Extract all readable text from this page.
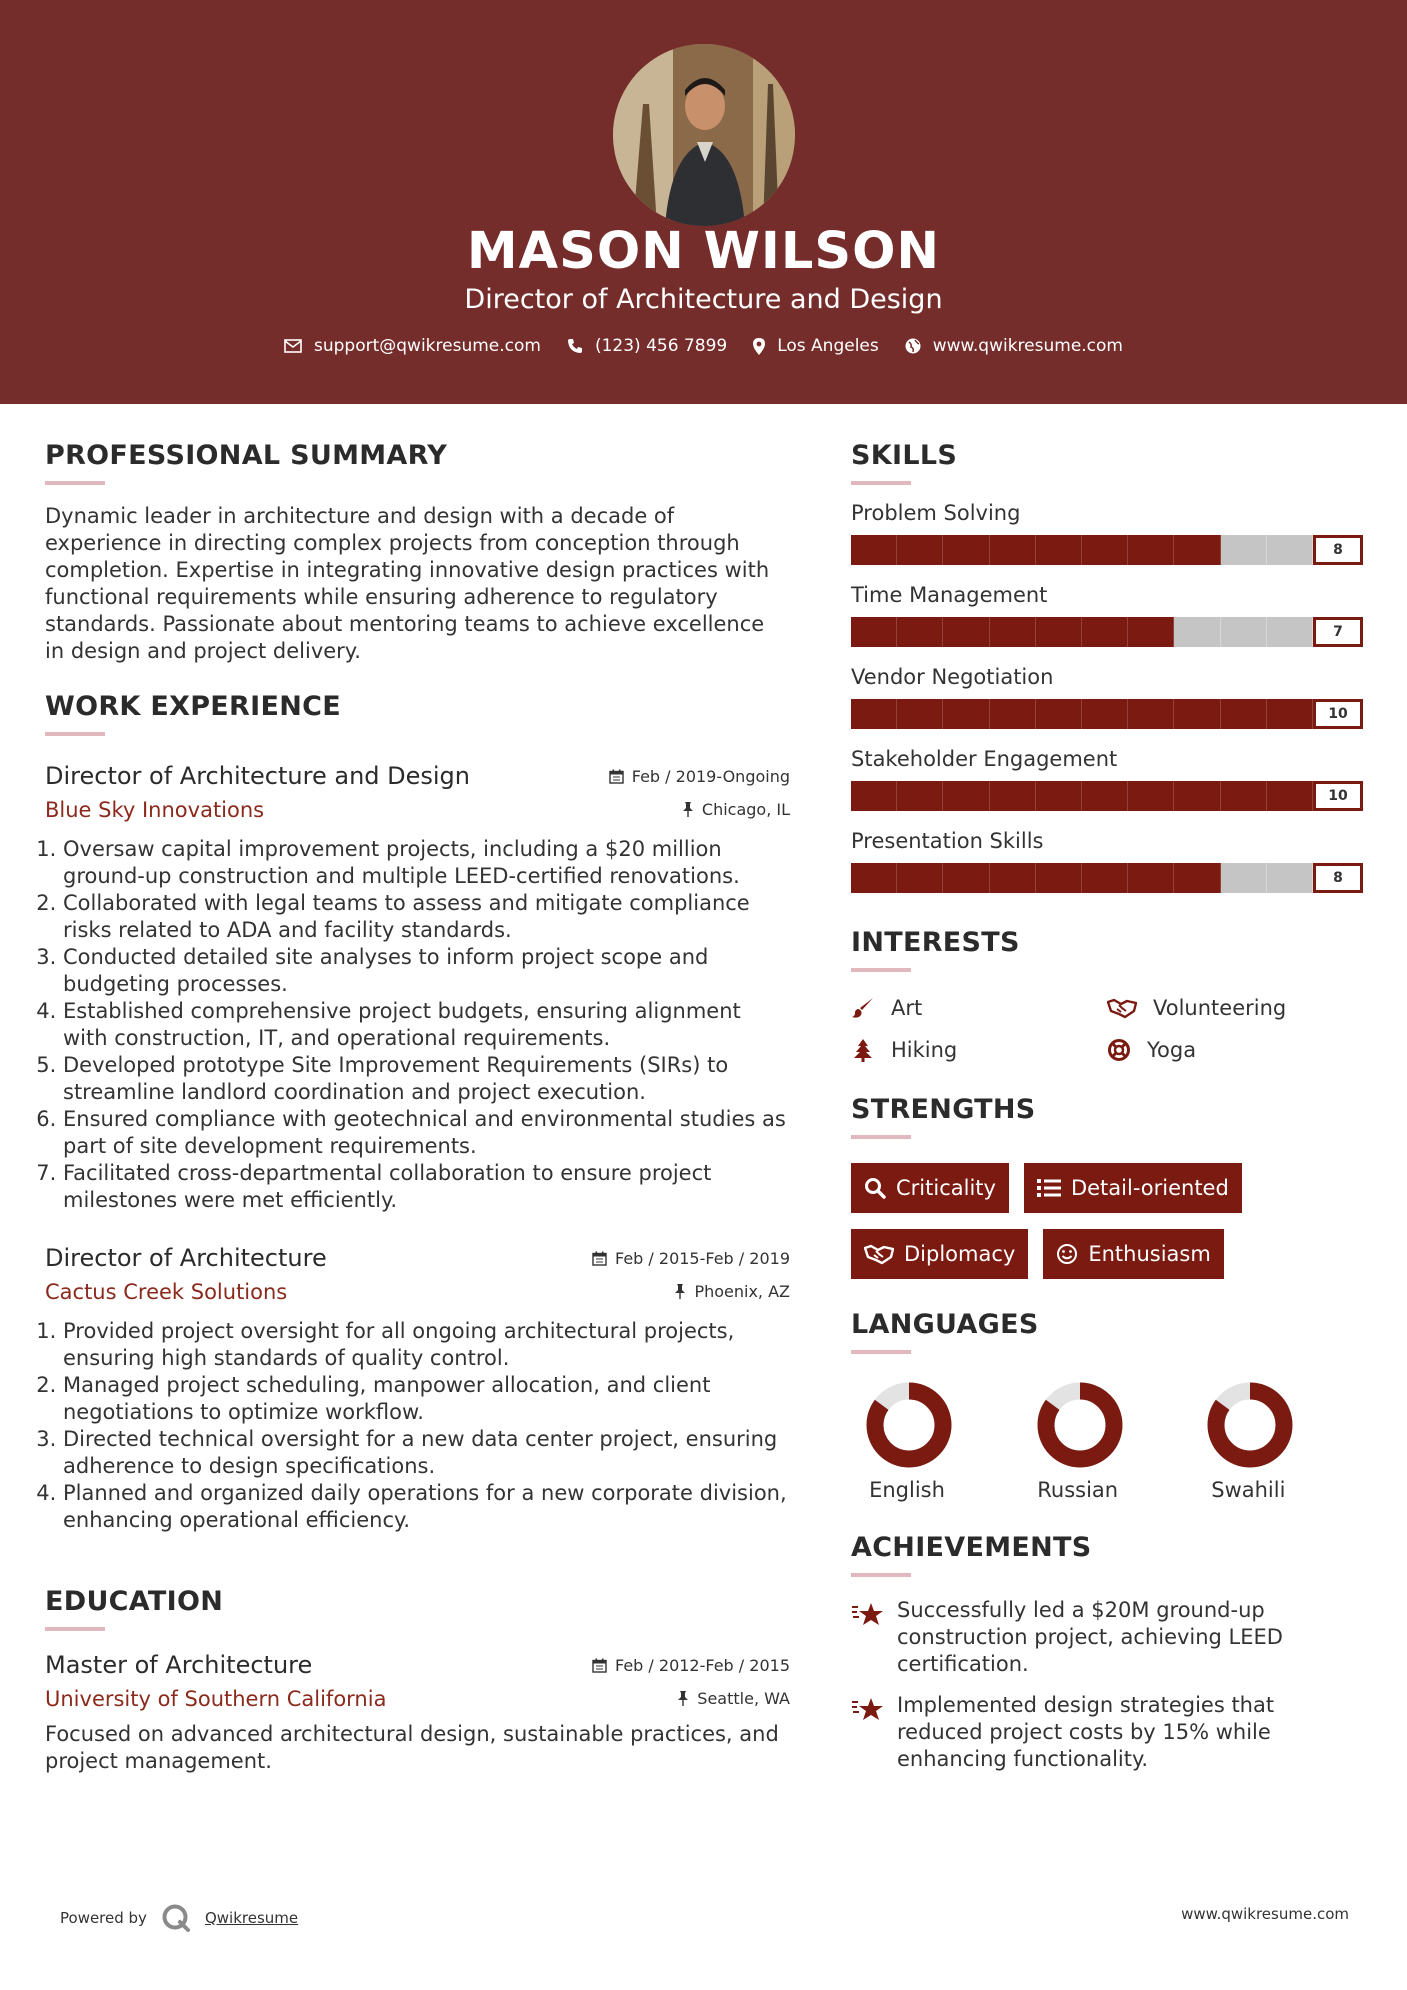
MASON WILSON
Director of Architecture and Design
support@qwikresume.com	(123) 456 7899	Los Angeles	www.qwikresume.com
PROFESSIONAL SUMMARY
Dynamic leader in architecture and design with a decade of experience in directing complex projects from conception through completion. Expertise in integrating innovative design practices with functional requirements while ensuring adherence to regulatory standards. Passionate about mentoring teams to achieve excellence in design and project delivery.
WORK EXPERIENCE
Director of Architecture and Design	Feb / 2019-Ongoing
Blue Sky Innovations	Chicago, IL
1. Oversaw capital improvement projects, including a $20 million ground-up construction and multiple LEED-certified renovations.
2. Collaborated with legal teams to assess and mitigate compliance risks related to ADA and facility standards.
3. Conducted detailed site analyses to inform project scope and budgeting processes.
4. Established comprehensive project budgets, ensuring alignment with construction, IT, and operational requirements.
5. Developed prototype Site Improvement Requirements (SIRs) to streamline landlord coordination and project execution.
6. Ensured compliance with geotechnical and environmental studies as part of site development requirements.
7. Facilitated cross-departmental collaboration to ensure project milestones were met efficiently.
Director of Architecture	Feb / 2015-Feb / 2019
Cactus Creek Solutions	Phoenix, AZ
1. Provided project oversight for all ongoing architectural projects, ensuring high standards of quality control.
2. Managed project scheduling, manpower allocation, and client negotiations to optimize workflow.
3. Directed technical oversight for a new data center project, ensuring adherence to design specifications.
4. Planned and organized daily operations for a new corporate division, enhancing operational efficiency.
EDUCATION
Master of Architecture	Feb / 2012-Feb / 2015
University of Southern California	Seattle, WA
Focused on advanced architectural design, sustainable practices, and project management.
SKILLS
Problem Solving
8
Time Management
7
Vendor Negotiation
10
Stakeholder Engagement
10
Presentation Skills
8
INTERESTS
Art	Volunteering
Hiking	Yoga
STRENGTHS
Criticality	Detail-oriented
Diplomacy	Enthusiasm
LANGUAGES
English	Russian	Swahili
ACHIEVEMENTS
Successfully led a $20M ground-up construction project, achieving LEED certification.
Implemented design strategies that reduced project costs by 15% while enhancing functionality.
Powered by	Qwikresume	www.qwikresume.com
